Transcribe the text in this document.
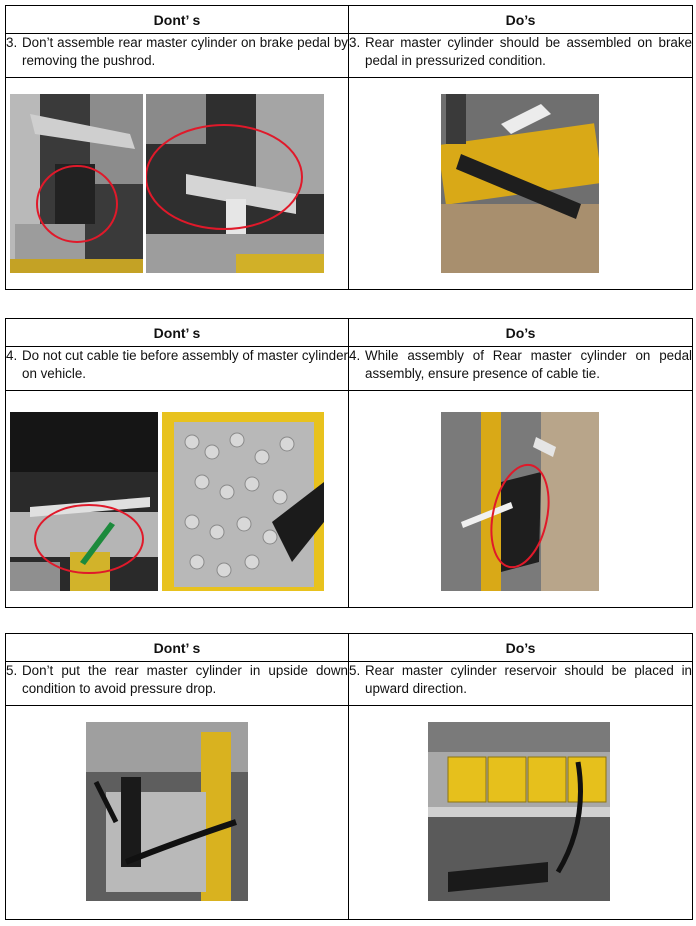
Dont’ s	Do’s

3. Don’t assemble rear master cylinder on brake pedal by removing the pushrod.	3. Rear master cylinder should be assembled on brake pedal in pressurized condition.

Dont’ s	Do’s

4. Do not cut cable tie before assembly of master cylinder on vehicle.	4. While assembly of Rear master cylinder on pedal assembly, ensure presence of cable tie.

Dont’ s	Do’s

5. Don’t put the rear master cylinder in upside down condition to avoid pressure drop.	5. Rear master cylinder reservoir should be placed in upward direction.
